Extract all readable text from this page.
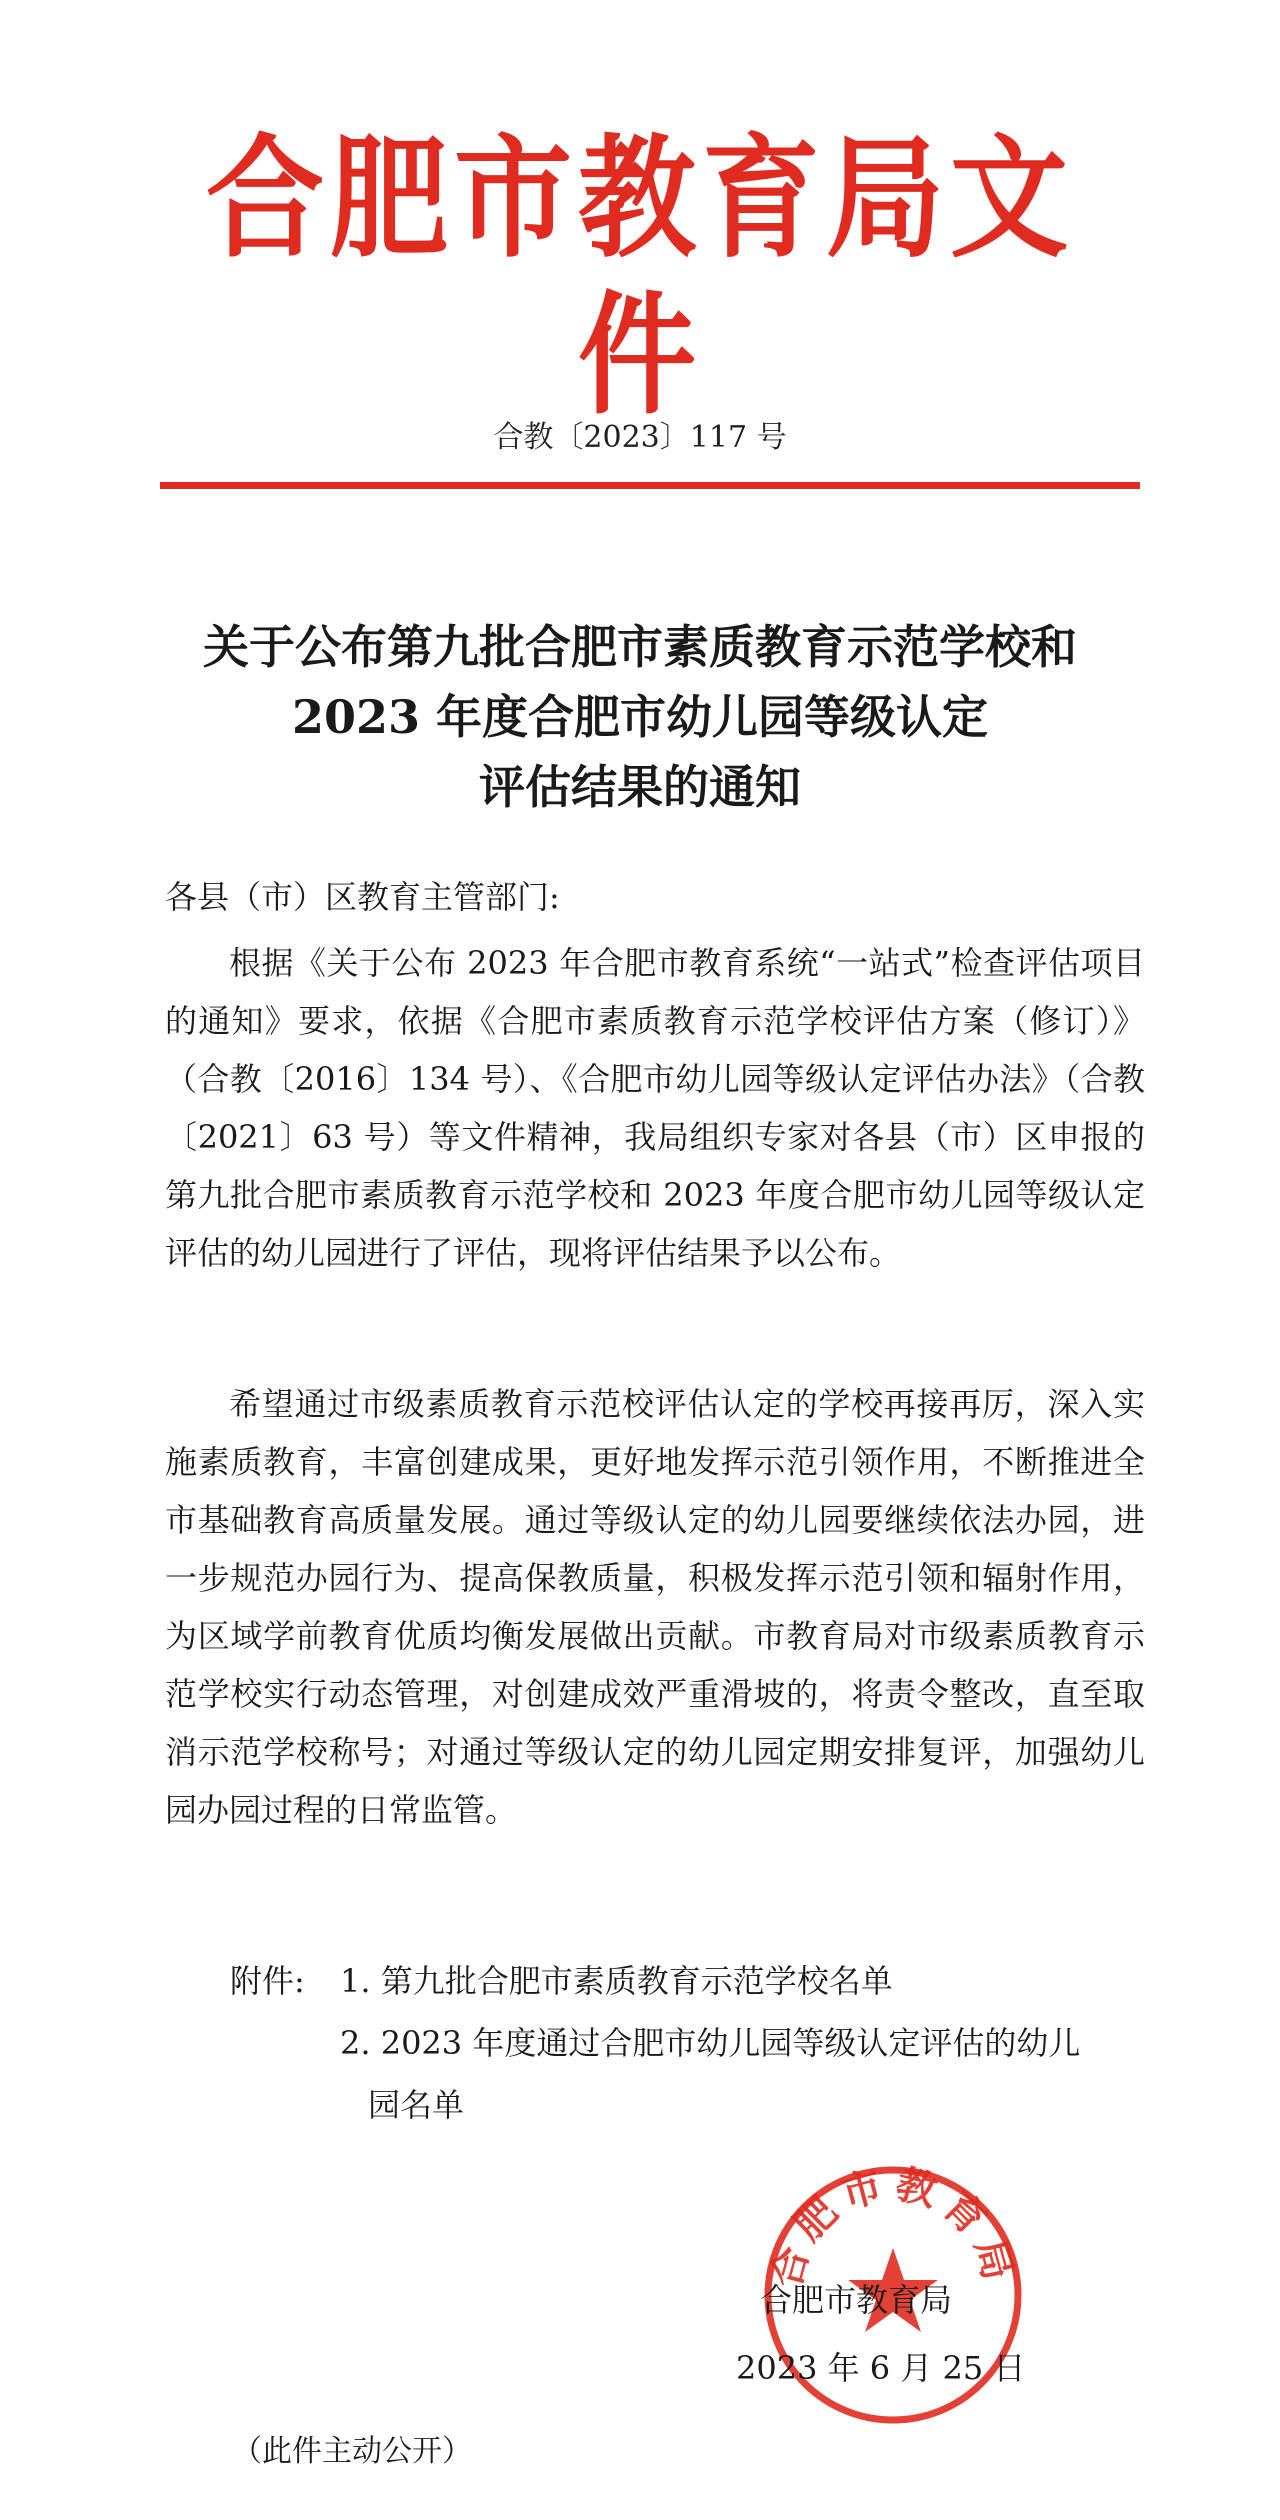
合肥市教育局文件
合教〔2023〕117 号
关于公布第九批合肥市素质教育示范学校和
2023 年度合肥市幼儿园等级认定
评估结果的通知
各县（市）区教育主管部门:
根据《关于公布 2023 年合肥市教育系统“一站式”检查评估项目的通知》要求，依据《合肥市素质教育示范学校评估方案（修订）》（合教〔2016〕134 号）、《合肥市幼儿园等级认定评估办法》（合教〔2021〕63 号）等文件精神，我局组织专家对各县（市）区申报的第九批合肥市素质教育示范学校和 2023 年度合肥市幼儿园等级认定评估的幼儿园进行了评估，现将评估结果予以公布。
希望通过市级素质教育示范校评估认定的学校再接再厉，深入实施素质教育，丰富创建成果，更好地发挥示范引领作用，不断推进全市基础教育高质量发展。通过等级认定的幼儿园要继续依法办园，进一步规范办园行为、提高保教质量，积极发挥示范引领和辐射作用，为区域学前教育优质均衡发展做出贡献。市教育局对市级素质教育示范学校实行动态管理，对创建成效严重滑坡的，将责令整改，直至取消示范学校称号；对通过等级认定的幼儿园定期安排复评，加强幼儿园办园过程的日常监管。
附件:	1. 第九批合肥市素质教育示范学校名单
2. 2023 年度通过合肥市幼儿园等级认定评估的幼儿
园名单
合肥市教育局
合肥市教育局
2023 年 6 月 25 日
（此件主动公开）
